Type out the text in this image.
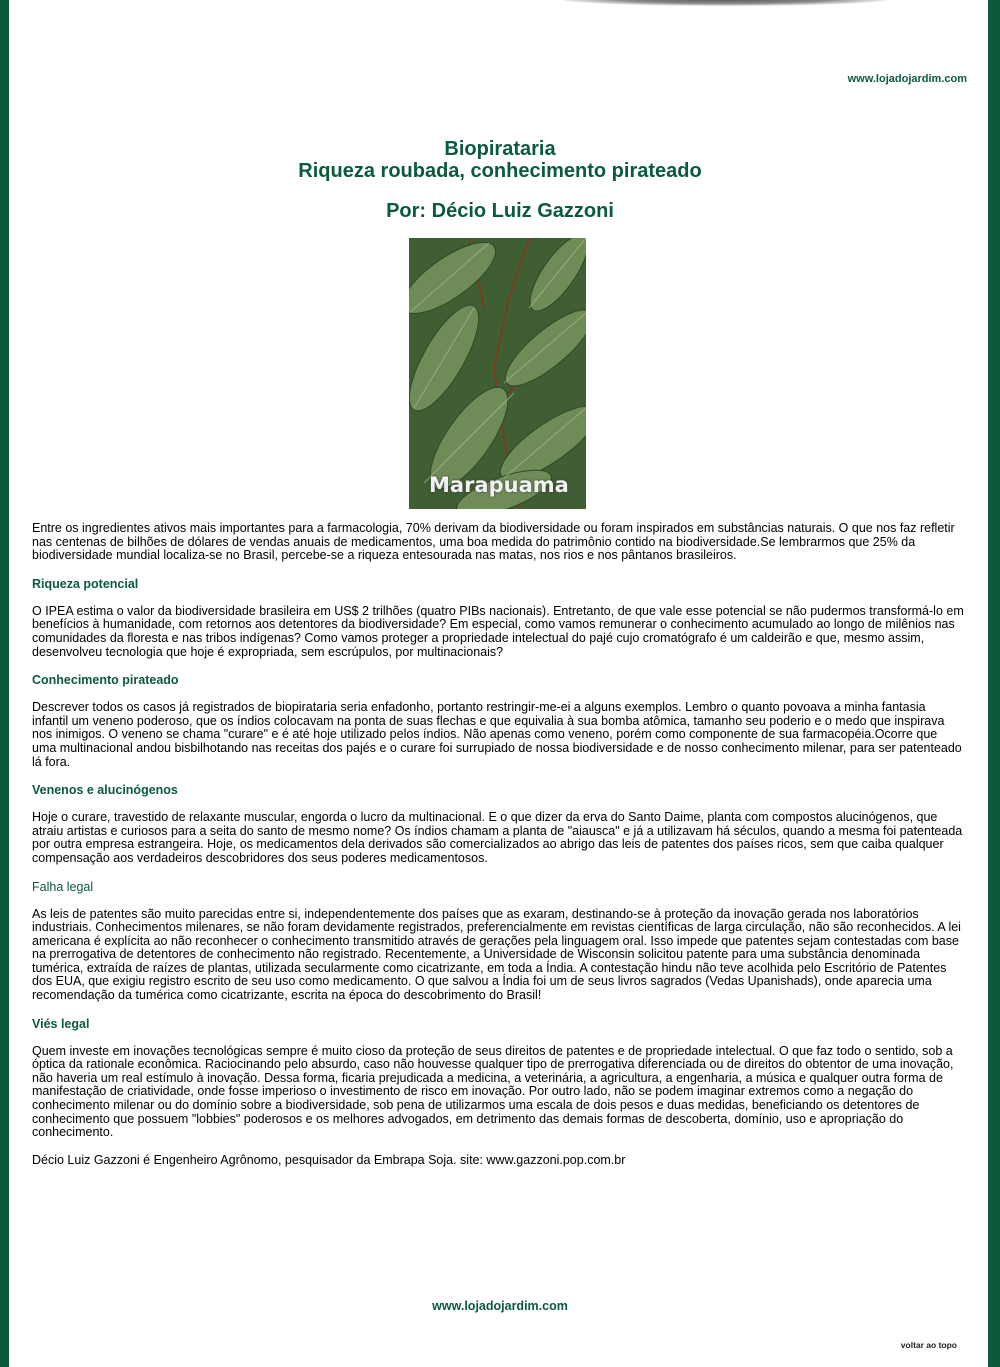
www.lojadojardim.com
Biopirataria
Riqueza roubada, conhecimento pirateado
Por: Décio Luiz Gazzoni
Marapuama

Entre os ingredientes ativos mais importantes para a farmacologia, 70% derivam da biodiversidade ou foram inspirados em substâncias naturais. O que nos faz refletir nas centenas de bilhões de dólares de vendas anuais de medicamentos, uma boa medida do patrimônio contido na biodiversidade.Se lembrarmos que 25% da biodiversidade mundial localiza-se no Brasil, percebe-se a riqueza entesourada nas matas, nos rios e nos pântanos brasileiros.

Riqueza potencial

O IPEA estima o valor da biodiversidade brasileira em US$ 2 trilhões (quatro PIBs nacionais). Entretanto, de que vale esse potencial se não pudermos transformá-lo em benefícios à humanidade, com retornos aos detentores da biodiversidade? Em especial, como vamos remunerar o conhecimento acumulado ao longo de milênios nas comunidades da floresta e nas tribos indígenas? Como vamos proteger a propriedade intelectual do pajé cujo cromatógrafo é um caldeirão e que, mesmo assim, desenvolveu tecnologia que hoje é expropriada, sem escrúpulos, por multinacionais?

Conhecimento pirateado

Descrever todos os casos já registrados de biopirataria seria enfadonho, portanto restringir-me-ei a alguns exemplos. Lembro o quanto povoava a minha fantasia infantil um veneno poderoso, que os índios colocavam na ponta de suas flechas e que equivalia à sua bomba atômica, tamanho seu poderio e o medo que inspirava nos inimigos. O veneno se chama "curare" e é até hoje utilizado pelos índios. Não apenas como veneno, porém como componente de sua farmacopéia.Ocorre que uma multinacional andou bisbilhotando nas receitas dos pajés e o curare foi surrupiado de nossa biodiversidade e de nosso conhecimento milenar, para ser patenteado lá fora.

Venenos e alucinógenos

Hoje o curare, travestido de relaxante muscular, engorda o lucro da multinacional. E o que dizer da erva do Santo Daime, planta com compostos alucinógenos, que atraiu artistas e curiosos para a seita do santo de mesmo nome? Os índios chamam a planta de "aiausca" e já a utilizavam há séculos, quando a mesma foi patenteada por outra empresa estrangeira. Hoje, os medicamentos dela derivados são comercializados ao abrigo das leis de patentes dos países ricos, sem que caiba qualquer compensação aos verdadeiros descobridores dos seus poderes medicamentosos.

Falha legal

As leis de patentes são muito parecidas entre si, independentemente dos países que as exaram, destinando-se à proteção da inovação gerada nos laboratórios industriais. Conhecimentos milenares, se não foram devidamente registrados, preferencialmente em revistas científicas de larga circulação, não são reconhecidos. A lei americana é explícita ao não reconhecer o conhecimento transmitido através de gerações pela linguagem oral. Isso impede que patentes sejam contestadas com base na prerrogativa de detentores de conhecimento não registrado. Recentemente, a Universidade de Wisconsin solicitou patente para uma substância denominada tumérica, extraída de raízes de plantas, utilizada secularmente como cicatrizante, em toda a Índia. A contestação hindu não teve acolhida pelo Escritório de Patentes dos EUA, que exigiu registro escrito de seu uso como medicamento. O que salvou a Índia foi um de seus livros sagrados (Vedas Upanishads), onde aparecia uma recomendação da tumérica como cicatrizante, escrita na época do descobrimento do Brasil!

Viés legal

Quem investe em inovações tecnológicas sempre é muito cioso da proteção de seus direitos de patentes e de propriedade intelectual. O que faz todo o sentido, sob a óptica da rationale econômica. Raciocinando pelo absurdo, caso não houvesse qualquer tipo de prerrogativa diferenciada ou de direitos do obtentor de uma inovação, não haveria um real estímulo à inovação. Dessa forma, ficaria prejudicada a medicina, a veterinária, a agricultura, a engenharia, a música e qualquer outra forma de manifestação de criatividade, onde fosse imperioso o investimento de risco em inovação. Por outro lado, não se podem imaginar extremos como a negação do conhecimento milenar ou do domínio sobre a biodiversidade, sob pena de utilizarmos uma escala de dois pesos e duas medidas, beneficiando os detentores de conhecimento que possuem "lobbies" poderosos e os melhores advogados, em detrimento das demais formas de descoberta, domínio, uso e apropriação do conhecimento.

Décio Luiz Gazzoni é Engenheiro Agrônomo, pesquisador da Embrapa Soja. site: www.gazzoni.pop.com.br

www.lojadojardim.com
voltar ao topo
